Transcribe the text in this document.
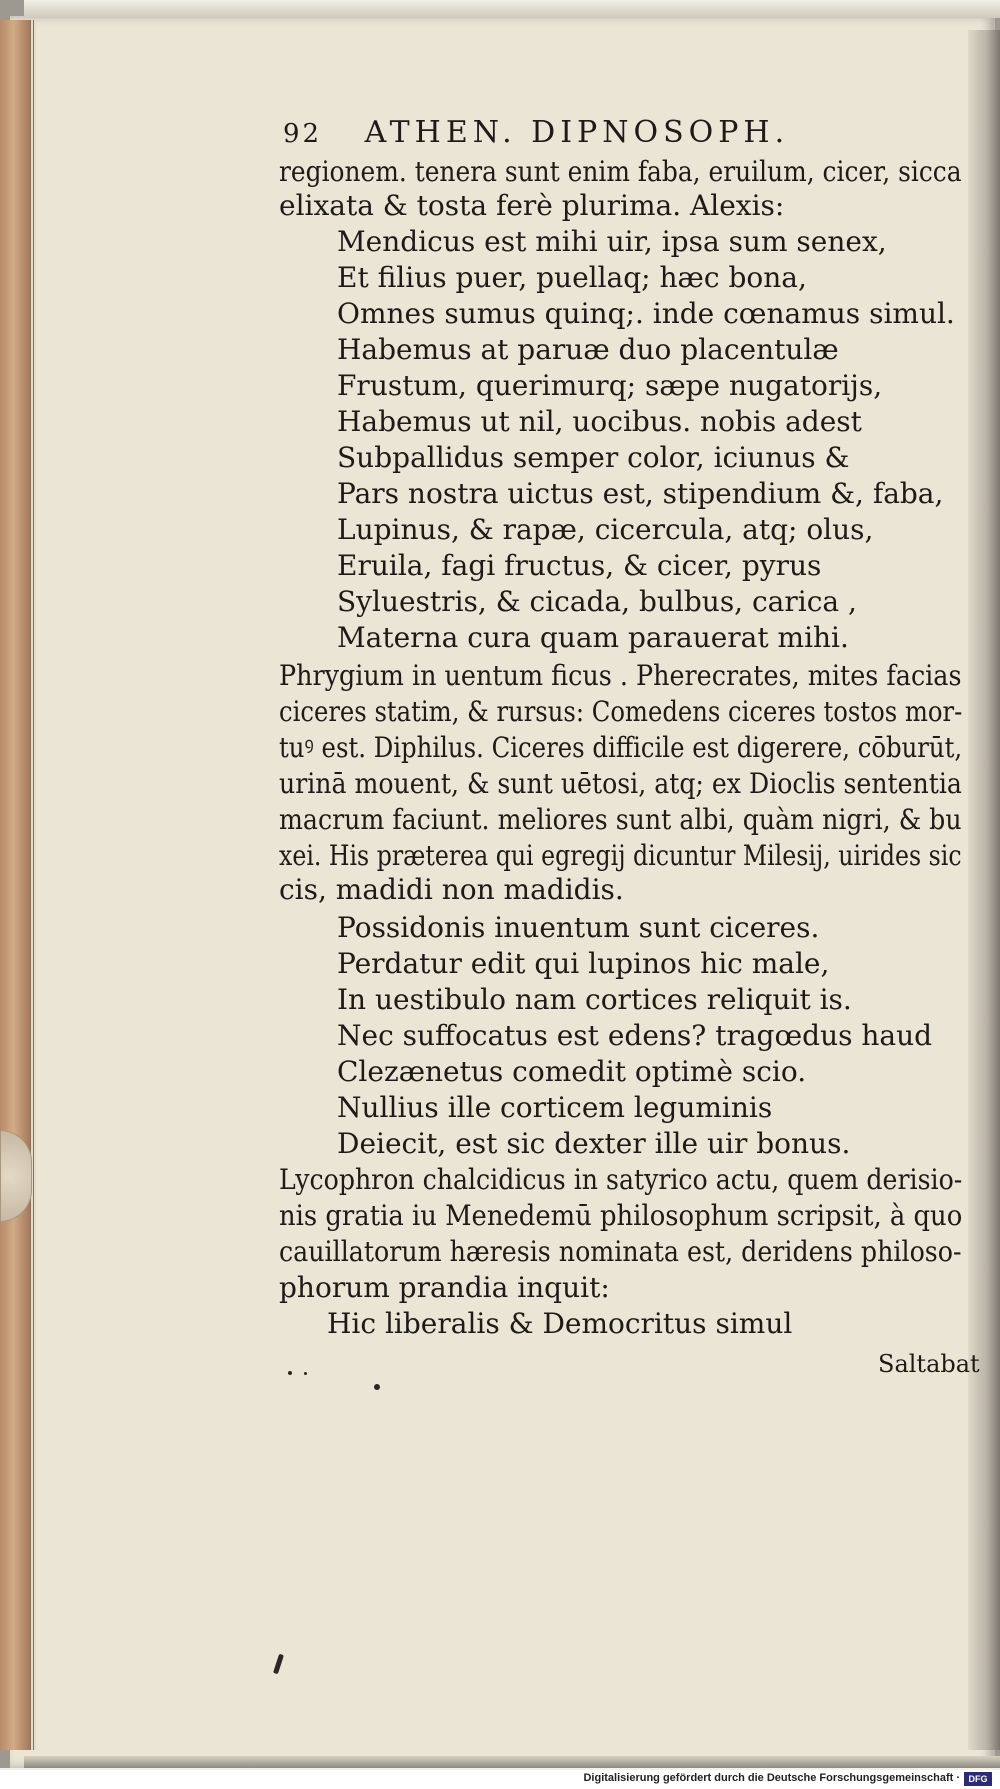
92 ATHEN. DIPNOSOPH.
regionem. tenera sunt enim faba, eruilum, cicer, sicca
elixata & tosta ferè plurima. Alexis:
Mendicus est mihi uir, ipsa sum senex,
Et filius puer, puellaq; hæc bona,
Omnes sumus quinq;. inde cœnamus simul.
Habemus at paruæ duo placentulæ
Frustum, querimurq; sæpe nugatorijs,
Habemus ut nil, uocibus. nobis adest
Subpallidus semper color, iciunus &
Pars nostra uictus est, stipendium &, faba,
Lupinus, & rapæ, cicercula, atq; olus,
Eruila, fagi fructus, & cicer, pyrus
Syluestris, & cicada, bulbus, carica ,
Materna cura quam parauerat mihi.
Phrygium in uentum ficus . Pherecrates, mites facias
ciceres statim, & rursus: Comedens ciceres tostos mor-
tuꝰ est. Diphilus. Ciceres difficile est digerere, cōburūt,
urinā mouent, & sunt uētosi, atq; ex Dioclis sententia
macrum faciunt. meliores sunt albi, quàm nigri, & bu
xei. His præterea qui egregij dicuntur Milesij, uirides sic
cis, madidi non madidis.
Possidonis inuentum sunt ciceres.
Perdatur edit qui lupinos hic male,
In uestibulo nam cortices reliquit is.
Nec suffocatus est edens? tragœdus haud
Clezænetus comedit optimè scio.
Nullius ille corticem leguminis
Deiecit, est sic dexter ille uir bonus.
Lycophron chalcidicus in satyrico actu, quem derisio-
nis gratia iu Menedemū philosophum scripsit, à quo
cauillatorum hæresis nominata est, deridens philoso-
phorum prandia inquit:
Hic liberalis & Democritus simul
Saltabat
Digitalisierung gefördert durch die Deutsche Forschungsgemeinschaft · DFG
